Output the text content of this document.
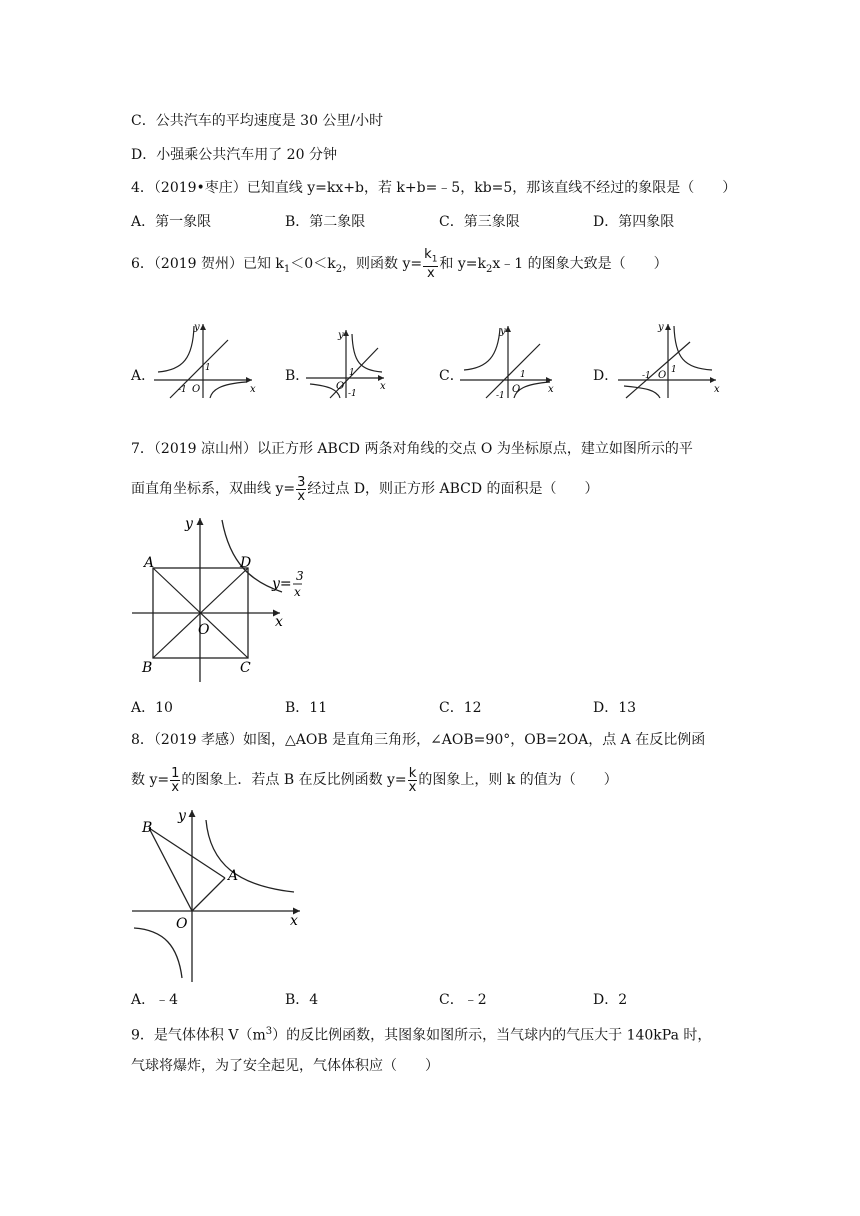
C．公共汽车的平均速度是 30 公里/小时
D．小强乘公共汽车用了 20 分钟
4．（2019•枣庄）已知直线 y=kx+b，若 k+b=﹣5，kb=5，那该直线不经过的象限是（　　）
A．第一象限	B．第二象限	C．第三象限	D．第四象限
6．（2019 贺州）已知 $k_1<0<k_2$，则函数 $y= \frac{k_1}{x}$ 和 $y=k_2x﹣1$ 的图象大致是（　　）
A．	B．	C．	D．
y
x
O
1
-1
y
x
O
1
-1
y
x
O
1
-1
y
x
O 1
-1
7．（2019 凉山州）以正方形 ABCD 两条对角线的交点 O 为坐标原点，建立如图所示的平
面直角坐标系，双曲线 $y= \frac{3}{x}$ 经过点 D，则正方形 ABCD 的面积是（　　）
y
x
A	D
B	C
O
y= 3
x
A．10	B．11	C．12	D．13
8．（2019 孝感）如图，△AOB 是直角三角形，∠AOB=90°，OB=2OA，点 A 在反比例函
数 $y= \frac{1}{x}$ 的图象上．若点 B 在反比例函数 $y= \frac{k}{x}$ 的图象上，则 k 的值为（　　）
y
x
B
A
O
A．﹣4	B．4	C．﹣2	D．2
9．是气体体积 $V(m^3)$的反比例函数，其图象如图所示，当气球内的气压大于 140kPa 时，
气球将爆炸，为了安全起见，气体体积应（　　）
